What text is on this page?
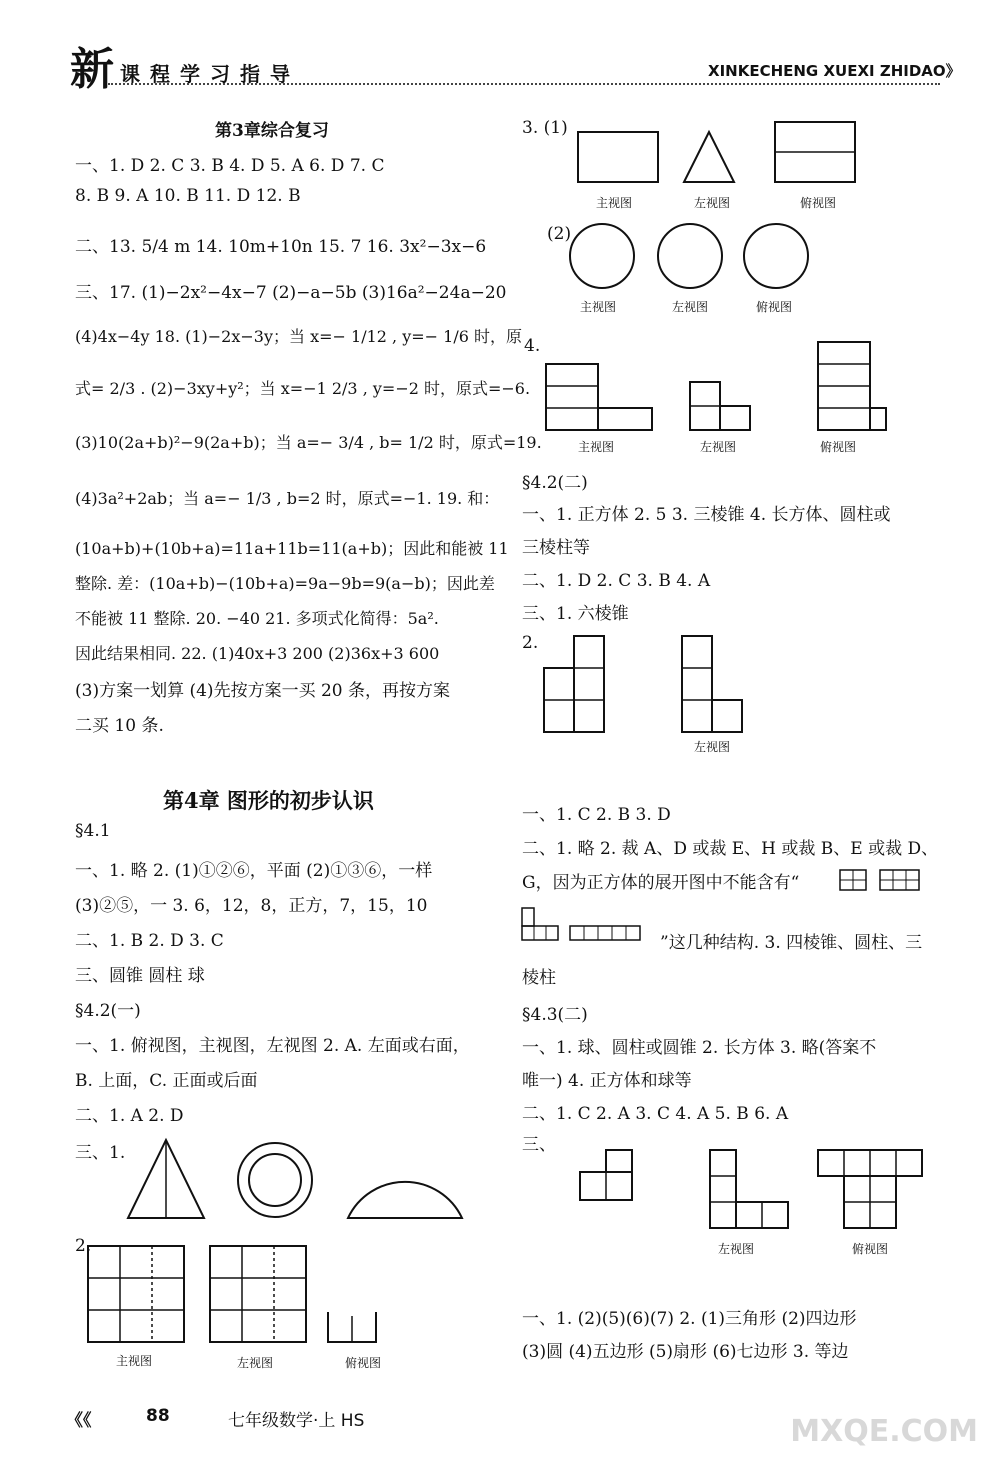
新 课程学习指导	XINKECHENG XUEXI ZHIDAO》
第3章综合复习
一、1. D 2. C 3. B 4. D 5. A 6. D 7. C
8. B 9. A 10. B 11. D 12. B
二、13. 5/4 m 14. 10m+10n 15. 7 16. 3x²−3x−6
三、17. (1)−2x²−4x−7 (2)−a−5b (3)16a²−24a−20
(4)4x−4y 18. (1)−2x−3y；当 x=− 1/12 , y=− 1/6 时，原
式= 2/3 . (2)−3xy+y²；当 x=−1 2/3 , y=−2 时，原式=−6.
(3)10(2a+b)²−9(2a+b)；当 a=− 3/4 , b= 1/2 时，原式=19.
(4)3a²+2ab；当 a=− 1/3 , b=2 时，原式=−1. 19. 和：
(10a+b)+(10b+a)=11a+11b=11(a+b)；因此和能被 11
整除. 差：(10a+b)−(10b+a)=9a−9b=9(a−b)；因此差
不能被 11 整除. 20. −40 21. 多项式化简得：5a².
因此结果相同. 22. (1)40x+3 200 (2)36x+3 600
(3)方案一划算 (4)先按方案一买 20 条，再按方案
二买 10 条.
第4章 图形的初步认识
§4.1
一、1. 略 2. (1)①②⑥，平面 (2)①③⑥，一样
(3)②⑤，一 3. 6，12，8，正方，7，15，10
二、1. B 2. D 3. C
三、圆锥 圆柱 球
§4.2(一)
一、1. 俯视图，主视图，左视图 2. A. 左面或右面，
B. 上面，C. 正面或后面
二、1. A 2. D
三、1.
2.
主视图	左视图	俯视图
3. (1)
(2)
4.
§4.2(二)
一、1. 正方体 2. 5 3. 三棱锥 4. 长方体、圆柱或
三棱柱等
二、1. D 2. C 3. B 4. A
三、1. 六棱锥
2.
一、1. C 2. B 3. D
二、1. 略 2. 裁 A、D 或裁 E、H 或裁 B、E 或裁 D、
G，因为正方体的展开图中不能含有“
”这几种结构. 3. 四棱锥、圆柱、三
棱柱
§4.3(二)
一、1. 球、圆柱或圆锥 2. 长方体 3. 略(答案不
唯一) 4. 正方体和球等
二、1. C 2. A 3. C 4. A 5. B 6. A
三、
一、1. (2)(5)(6)(7) 2. (1)三角形 (2)四边形
(3)圆 (4)五边形 (5)扇形 (6)七边形 3. 等边
主视图	左视图	俯视图
主视图	左视图	俯视图
主视图	左视图	俯视图
左视图
左视图	俯视图
《《	88	七年级数学·上 HS	MXQE.COM
